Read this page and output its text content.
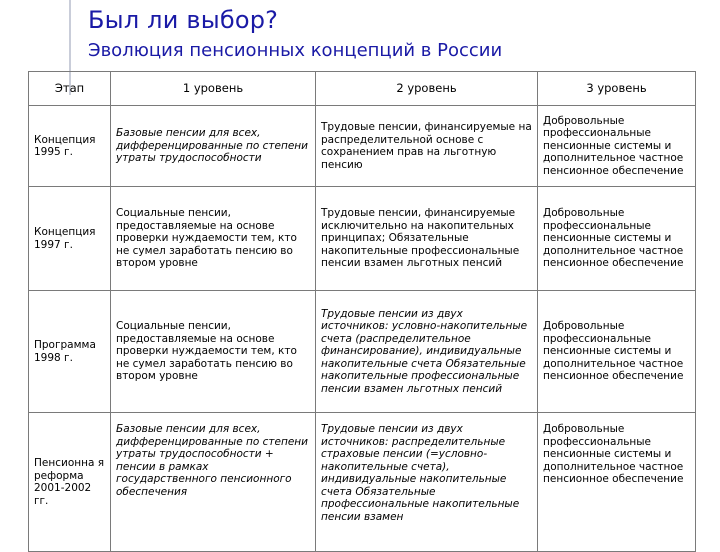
Был ли выбор?
Эволюция пенсионных концепций в России
Этап	1 уровень	2 уровень	3 уровень
Концепция 1995 г.	Базовые пенсии для всех, дифференцированные по степени утраты трудоспособности	Трудовые пенсии, финансируемые на распределительной основе с сохранением прав на льготную пенсию	Добровольные профессиональные пенсионные системы и дополнительное частное пенсионное обеспечение
Концепция 1997 г.	Социальные пенсии, предоставляемые на основе проверки нуждаемости тем, кто не сумел заработать пенсию во втором уровне	Трудовые пенсии, финансируемые исключительно на накопительных принципах; Обязательные накопительные профессиональные пенсии взамен льготных пенсий	Добровольные профессиональные пенсионные системы и дополнительное частное пенсионное обеспечение
Программа 1998 г.	Социальные пенсии, предоставляемые на основе проверки нуждаемости тем, кто не сумел заработать пенсию во втором уровне	Трудовые пенсии из двух источников: условно-накопительные счета (распределительное финансирование), индивидуальные накопительные счета Обязательные накопительные профессиональные пенсии взамен льготных пенсий	Добровольные профессиональные пенсионные системы и дополнительное частное пенсионное обеспечение
Пенсионна я реформа 2001-2002 гг.	Базовые пенсии для всех, дифференцированные по степени утраты трудоспособности + пенсии в рамках государственного пенсионного обеспечения	Трудовые пенсии из двух источников: распределительные страховые пенсии (=условно-накопительные счета), индивидуальные накопительные счета Обязательные профессиональные накопительные пенсии взамен	Добровольные профессиональные пенсионные системы и дополнительное частное пенсионное обеспечение
